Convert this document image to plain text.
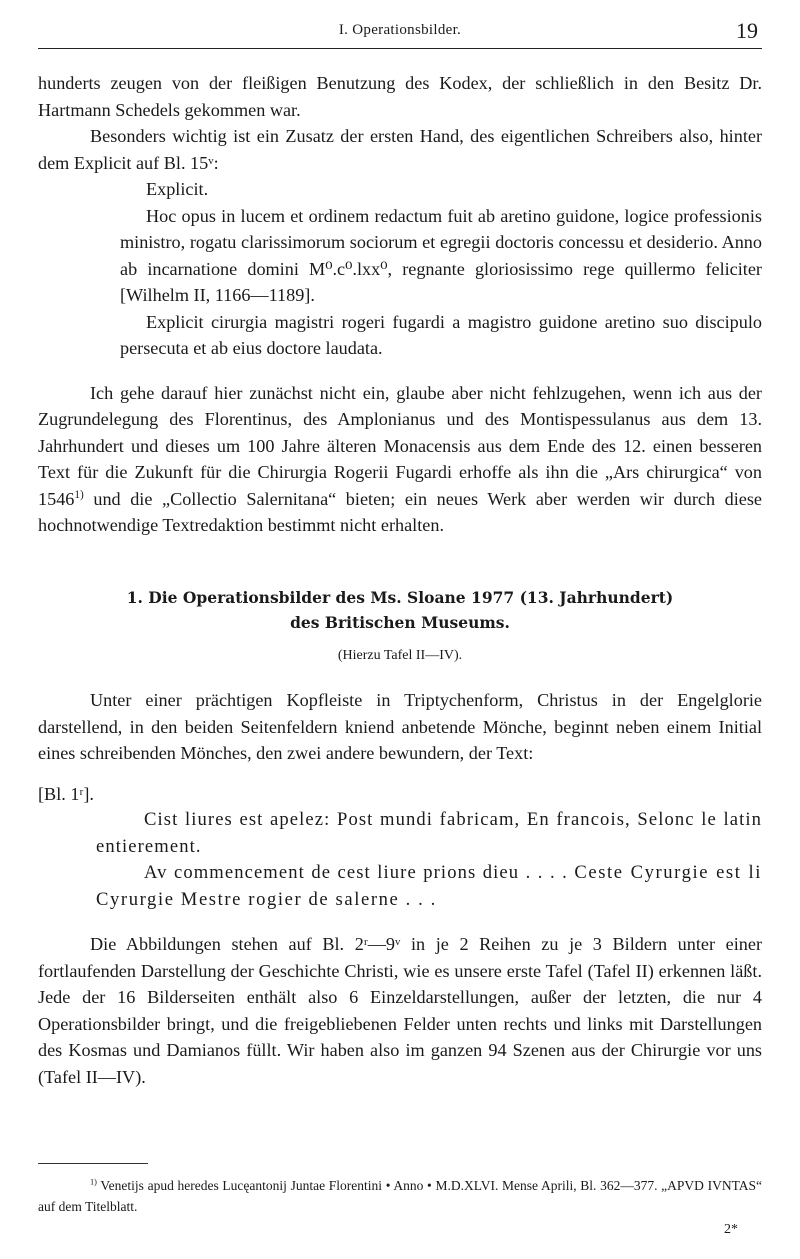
I. Operationsbilder.	19

hunderts zeugen von der fleißigen Benutzung des Kodex, der schließlich in den Besitz Dr. Hartmann Schedels gekommen war.

Besonders wichtig ist ein Zusatz der ersten Hand, des eigentlichen Schreibers also, hinter dem Explicit auf Bl. 15ᵛ:

Explicit.

Hoc opus in lucem et ordinem redactum fuit ab aretino guidone, logice professionis ministro, rogatu clarissimorum sociorum et egregii doctoris concessu et desiderio. Anno ab incarnatione domini M⁰.c⁰.lxx⁰, regnante gloriosissimo rege quillermo feliciter [Wilhelm II, 1166—1189].

Explicit cirurgia magistri rogeri fugardi a magistro guidone aretino suo discipulo persecuta et ab eius doctore laudata.

Ich gehe darauf hier zunächst nicht ein, glaube aber nicht fehlzugehen, wenn ich aus der Zugrundelegung des Florentinus, des Amplonianus und des Montispessulanus aus dem 13. Jahrhundert und dieses um 100 Jahre älteren Monacensis aus dem Ende des 12. einen besseren Text für die Zukunft für die Chirurgia Rogerii Fugardi erhoffe als ihn die „Ars chirurgica“ von 1546$^{1)}$ und die „Collectio Salernitana“ bieten; ein neues Werk aber werden wir durch diese hochnotwendige Textredaktion bestimmt nicht erhalten.

1. Die Operationsbilder des Ms. Sloane 1977 (13. Jahrhundert)
des Britischen Museums.

(Hierzu Tafel II—IV).

Unter einer prächtigen Kopfleiste in Triptychenform, Christus in der Engelglorie darstellend, in den beiden Seitenfeldern kniend anbetende Mönche, beginnt neben einem Initial eines schreibenden Mönches, den zwei andere bewundern, der Text:

[Bl. 1ʳ].

Cist liures est apelez: Post mundi fabricam, En francois, Selonc le latin entierement.

Av commencement de cest liure prions dieu . . . . Ceste Cyrurgie est li Cyrurgie Mestre rogier de salerne . . .

Die Abbildungen stehen auf Bl. 2ʳ—9ᵛ in je 2 Reihen zu je 3 Bildern unter einer fortlaufenden Darstellung der Geschichte Christi, wie es unsere erste Tafel (Tafel II) erkennen läßt. Jede der 16 Bilderseiten enthält also 6 Einzeldarstellungen, außer der letzten, die nur 4 Operationsbilder bringt, und die freigebliebenen Felder unten rechts und links mit Darstellungen des Kosmas und Damianos füllt. Wir haben also im ganzen 94 Szenen aus der Chirurgie vor uns (Tafel II—IV).

$^{1)}$ Venetijs apud heredes Lucęantonij Juntae Florentini • Anno • M.D.XLVI. Mense Aprili, Bl. 362—377. „APVD IVNTAS“ auf dem Titelblatt.

2*
